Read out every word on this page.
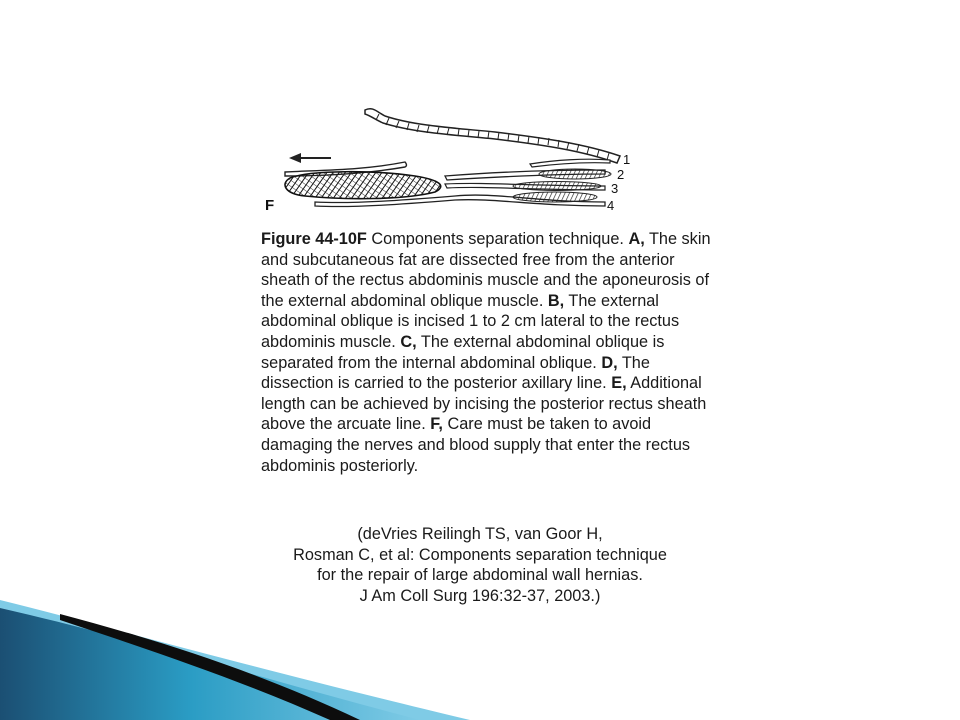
1
2
3
4
F

Figure 44-10F Components separation technique. A, The skin and subcutaneous fat are dissected free from the anterior sheath of the rectus abdominis muscle and the aponeurosis of the external abdominal oblique muscle. B, The external abdominal oblique is incised 1 to 2 cm lateral to the rectus abdominis muscle. C, The external abdominal oblique is separated from the internal abdominal oblique. D, The dissection is carried to the posterior axillary line. E, Additional length can be achieved by incising the posterior rectus sheath above the arcuate line. F, Care must be taken to avoid damaging the nerves and blood supply that enter the rectus abdominis posteriorly.

(deVries Reilingh TS, van Goor H,
Rosman C, et al: Components separation technique
for the repair of large abdominal wall hernias.
J Am Coll Surg 196:32-37, 2003.)
